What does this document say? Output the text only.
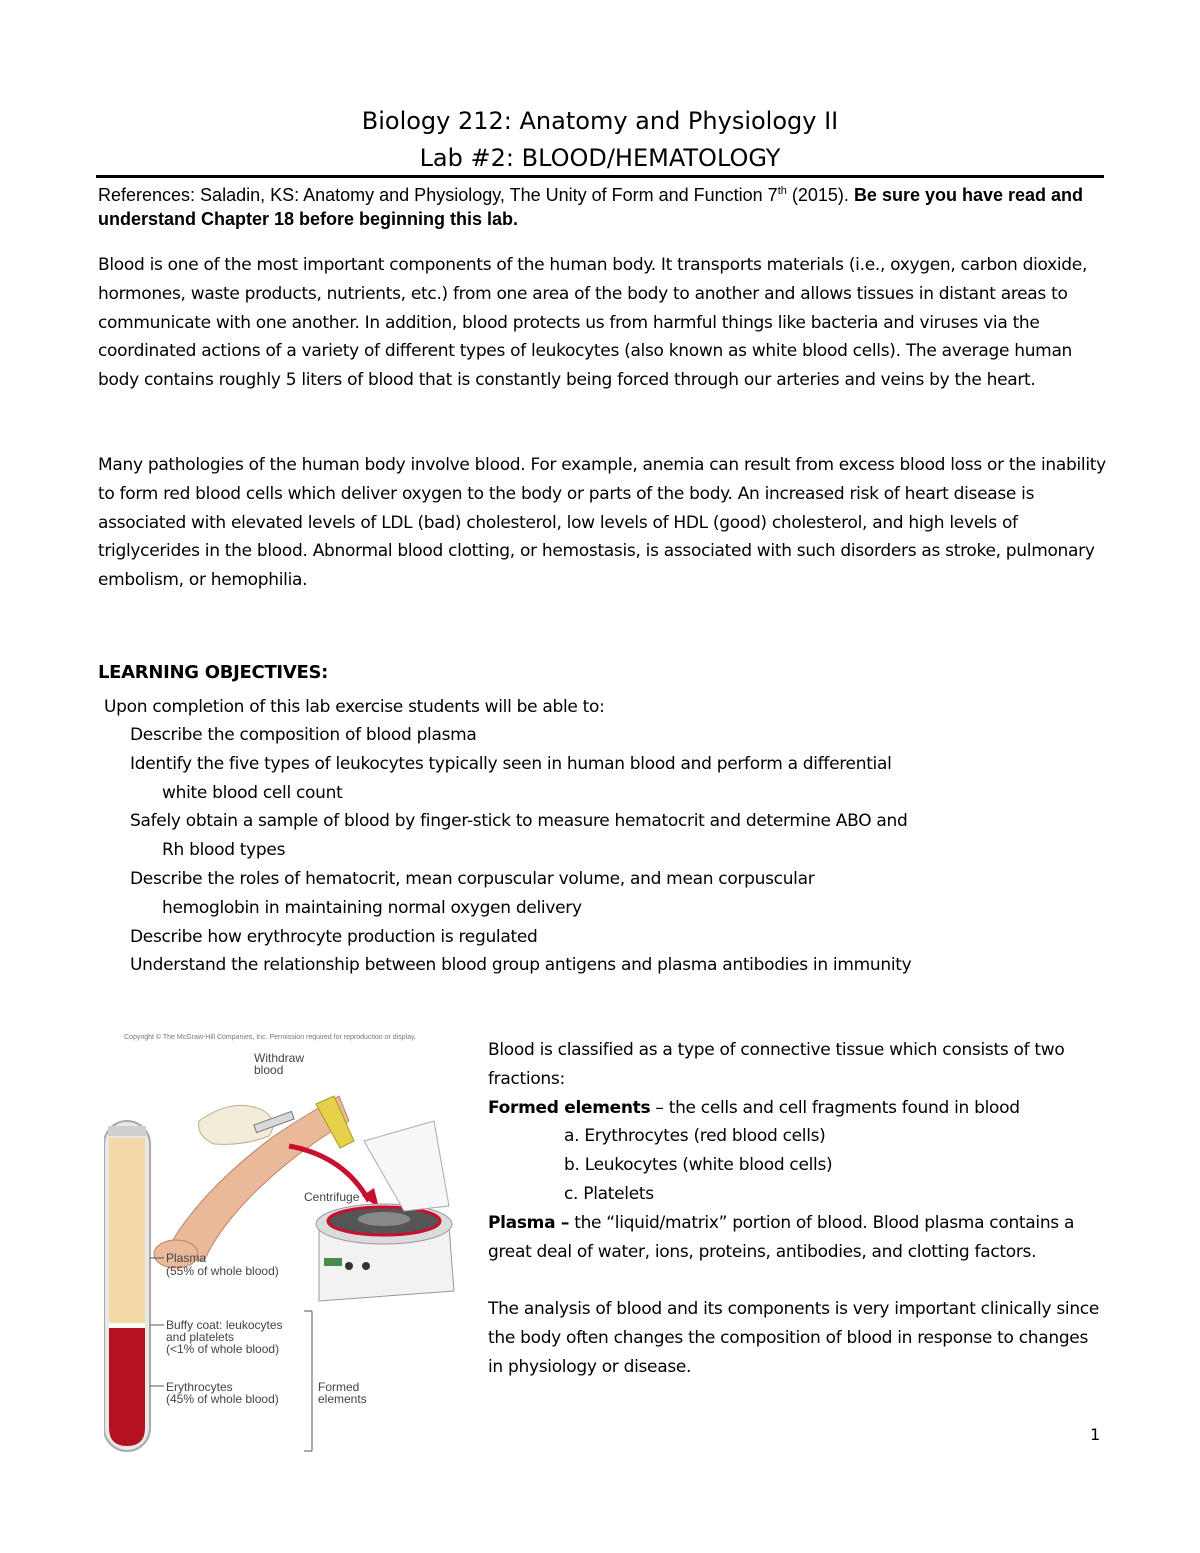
Biology 212: Anatomy and Physiology II
Lab #2: BLOOD/HEMATOLOGY
References: Saladin, KS: Anatomy and Physiology, The Unity of Form and Function 7th (2015). Be sure you have read and understand Chapter 18 before beginning this lab.

Blood is one of the most important components of the human body. It transports materials (i.e., oxygen, carbon dioxide, hormones, waste products, nutrients, etc.) from one area of the body to another and allows tissues in distant areas to communicate with one another. In addition, blood protects us from harmful things like bacteria and viruses via the coordinated actions of a variety of different types of leukocytes (also known as white blood cells). The average human body contains roughly 5 liters of blood that is constantly being forced through our arteries and veins by the heart.

Many pathologies of the human body involve blood. For example, anemia can result from excess blood loss or the inability to form red blood cells which deliver oxygen to the body or parts of the body. An increased risk of heart disease is associated with elevated levels of LDL (bad) cholesterol, low levels of HDL (good) cholesterol, and high levels of triglycerides in the blood. Abnormal blood clotting, or hemostasis, is associated with such disorders as stroke, pulmonary embolism, or hemophilia.

LEARNING OBJECTIVES:
Upon completion of this lab exercise students will be able to:
Describe the composition of blood plasma
Identify the five types of leukocytes typically seen in human blood and perform a differential
white blood cell count
Safely obtain a sample of blood by finger-stick to measure hematocrit and determine ABO and
Rh blood types
Describe the roles of hematocrit, mean corpuscular volume, and mean corpuscular
hemoglobin in maintaining normal oxygen delivery
Describe how erythrocyte production is regulated
Understand the relationship between blood group antigens and plasma antibodies in immunity
Copyright © The McGraw-Hill Companies, Inc. Permission required for reproduction or display.
Withdraw blood
Centrifuge
Plasma
(55% of whole blood)
Buffy coat: leukocytes
and platelets
(<1% of whole blood)
Erythrocytes
(45% of whole blood)
Formed
elements

Blood is classified as a type of connective tissue which consists of two fractions:

Formed elements – the cells and cell fragments found in blood

a. Erythrocytes (red blood cells)
b. Leukocytes (white blood cells)
c. Platelets

Plasma – the “liquid/matrix” portion of blood. Blood plasma contains a great deal of water, ions, proteins, antibodies, and clotting factors.

The analysis of blood and its components is very important clinically since the body often changes the composition of blood in response to changes in physiology or disease.

1
